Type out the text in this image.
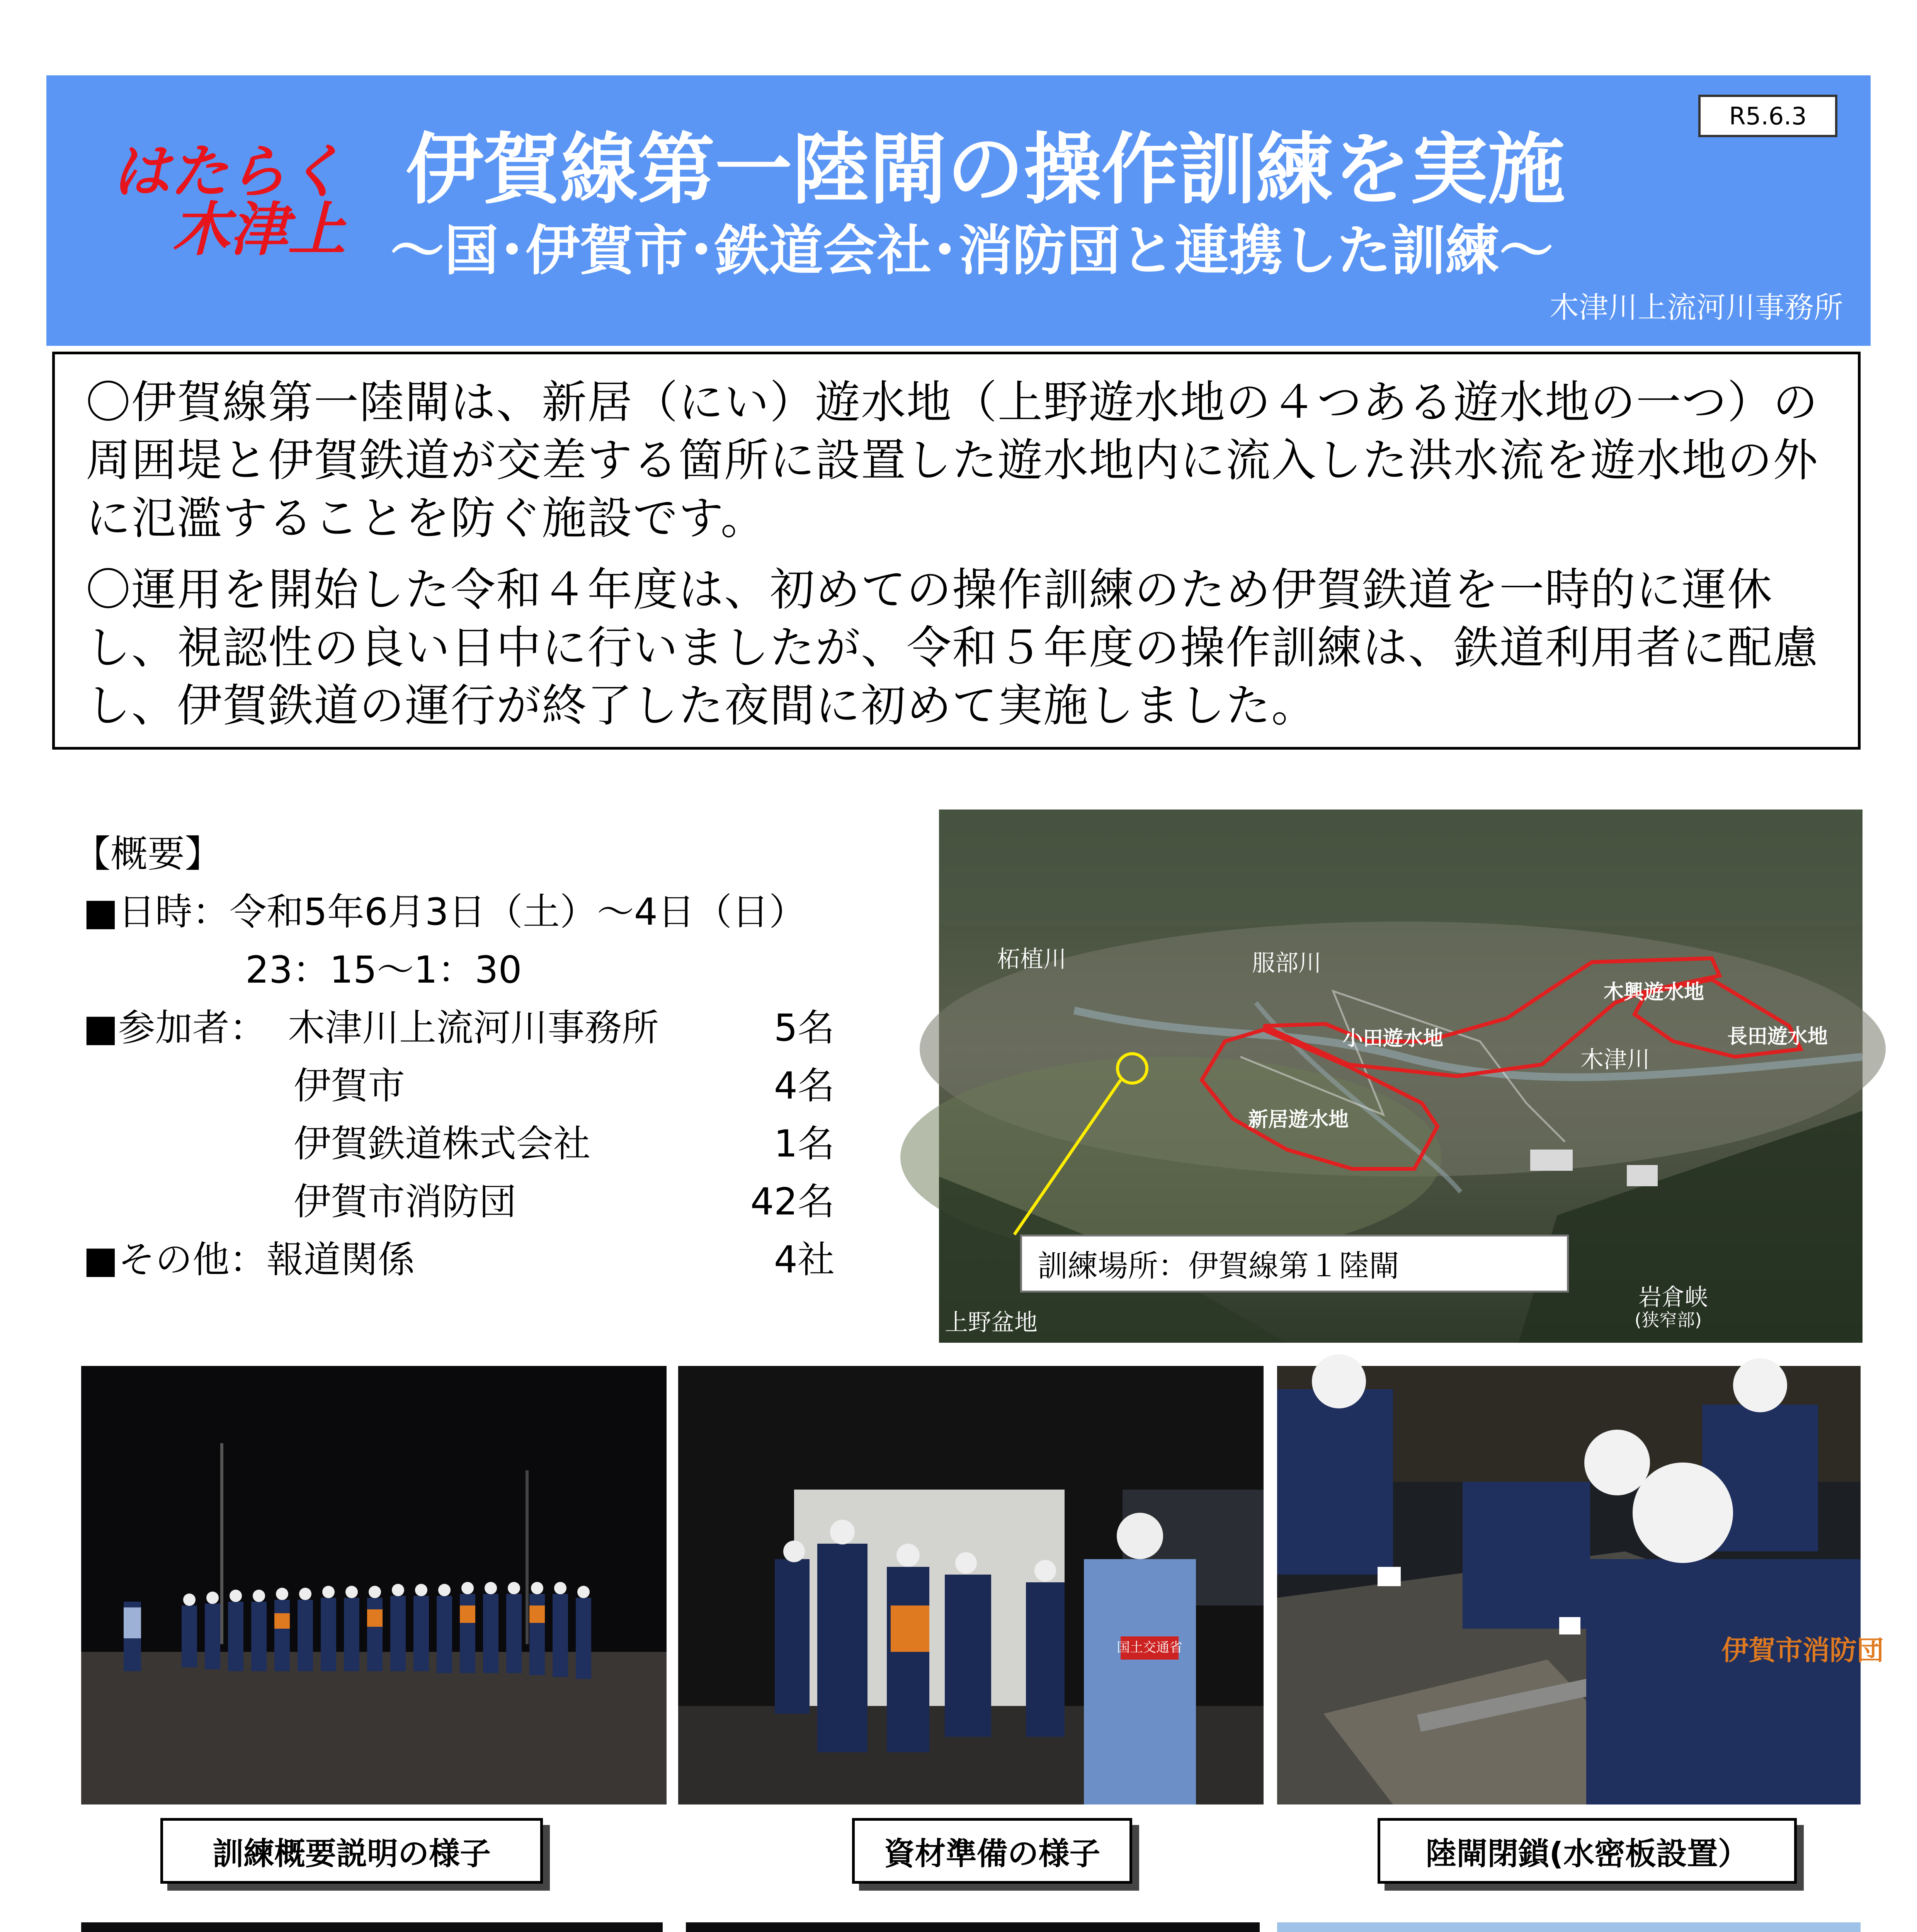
R5.6.3
はたらく
木津上
伊賀線第一陸閘の操作訓練を実施
～国･伊賀市･鉄道会社･消防団と連携した訓練～
木津川上流河川事務所
〇伊賀線第一陸閘は、新居（にい）遊水地（上野遊水地の４つある遊水地の一つ）の周囲堤と伊賀鉄道が交差する箇所に設置した遊水地内に流入した洪水流を遊水地の外に氾濫することを防ぐ施設です。
〇運用を開始した令和４年度は、初めての操作訓練のため伊賀鉄道を一時的に運休し、視認性の良い日中に行いましたが、令和５年度の操作訓練は、鉄道利用者に配慮し、伊賀鉄道の運行が終了した夜間に初めて実施しました。
【概要】
■日時：令和5年6月3日（土）～4日（日）
23：15～1：30
■参加者： 木津川上流河川事務所	5名
伊賀市	4名
伊賀鉄道株式会社	1名
伊賀市消防団	42名
■その他：報道関係	4社
柘植川	服部川
木津川
木興遊水地
小田遊水地	長田遊水地
新居遊水地
上野盆地
岩倉峡
(狭窄部)
訓練場所：伊賀線第１陸閘
国土交通省	伊賀市消防団
訓練概要説明の様子	資材準備の様子	陸閘閉鎖(水密板設置）
